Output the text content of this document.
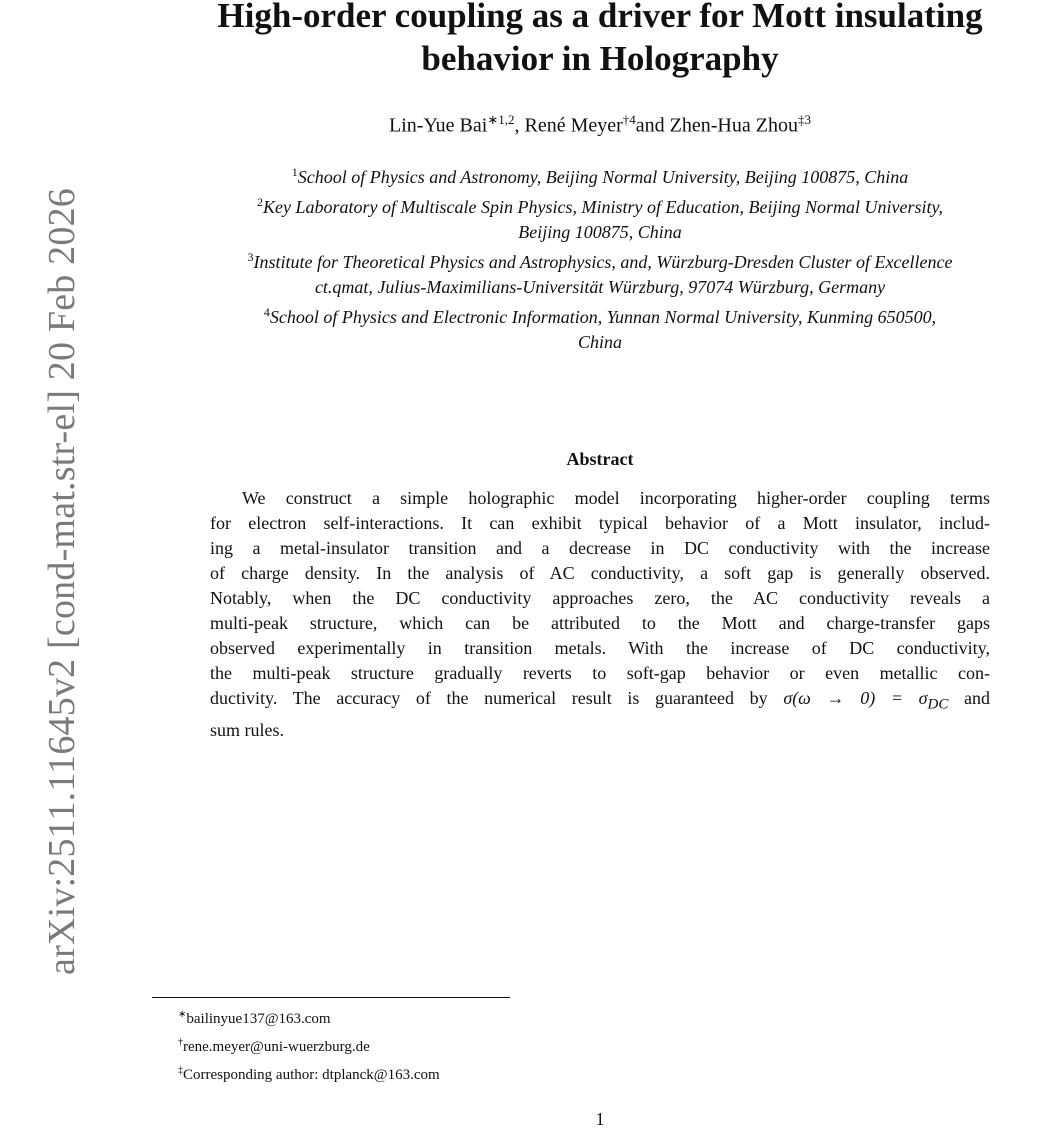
arXiv:2511.11645v2 [cond-mat.str-el] 20 Feb 2026
High-order coupling as a driver for Mott insulating
behavior in Holography
Lin-Yue Bai$^{∗1,2}$, René Meyer$^{\dagger 4}$and Zhen-Hua Zhou$^{\ddagger 3}$
$^1$School of Physics and Astronomy, Beijing Normal University, Beijing 100875, China
$^2$Key Laboratory of Multiscale Spin Physics, Ministry of Education, Beijing Normal University,
Beijing 100875, China
$^3$Institute for Theoretical Physics and Astrophysics, and, Würzburg-Dresden Cluster of Excellence
ct.qmat, Julius-Maximilians-Universität Würzburg, 97074 Würzburg, Germany
$^4$School of Physics and Electronic Information, Yunnan Normal University, Kunming 650500,
China
Abstract
We construct a simple holographic model incorporating higher-order coupling terms
for electron self-interactions. It can exhibit typical behavior of a Mott insulator, includ-
ing a metal-insulator transition and a decrease in DC conductivity with the increase
of charge density. In the analysis of AC conductivity, a soft gap is generally observed.
Notably, when the DC conductivity approaches zero, the AC conductivity reveals a
multi-peak structure, which can be attributed to the Mott and charge-transfer gaps
observed experimentally in transition metals. With the increase of DC conductivity,
the multi-peak structure gradually reverts to soft-gap behavior or even metallic con-
ductivity. The accuracy of the numerical result is guaranteed by $\sigma(\omega \to 0) = \sigma_{DC}$ and
sum rules.
∗bailinyue137@163.com
†rene.meyer@uni-wuerzburg.de
‡Corresponding author: dtplanck@163.com
1
